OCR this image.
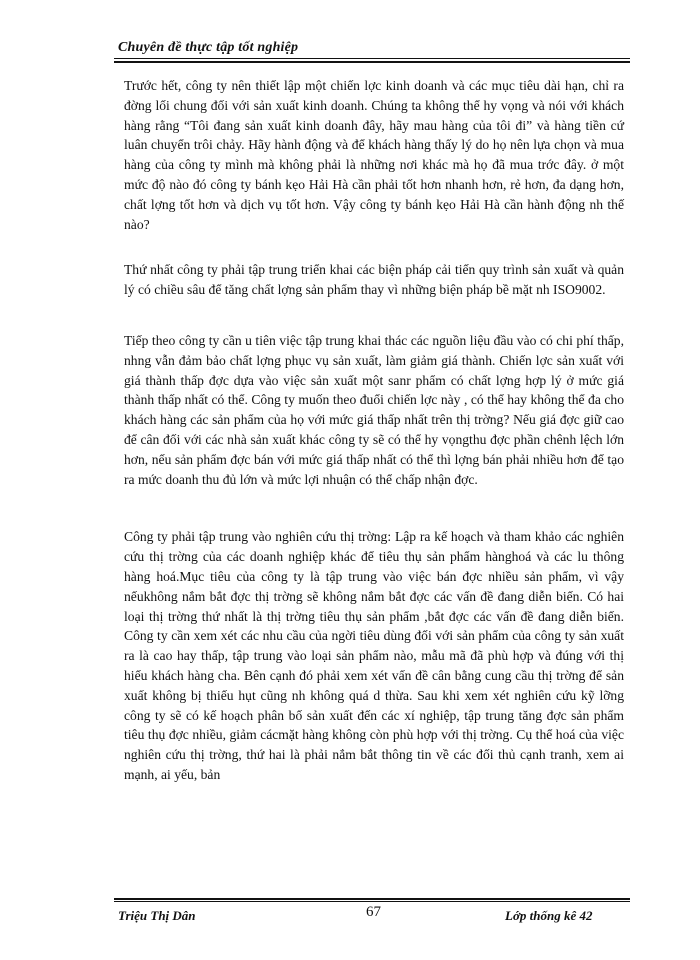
Chuyên đề thực tập tốt nghiệp

Trước hết, công ty nên thiết lập một chiến lợc kinh doanh và các mục tiêu dài hạn, chỉ ra đờng lối chung đối với sản xuất kinh doanh. Chúng ta không thể hy vọng và nói với khách hàng rằng “Tôi đang sản xuất kinh doanh đây, hãy mau hàng của tôi đi” và hàng tiền cứ luân chuyển trôi chảy. Hãy hành động và để khách hàng thấy lý do họ nên lựa chọn và mua hàng của công ty mình mà không phải là những nơi khác mà họ đã mua trớc đây. ở một mức độ nào đó công ty bánh kẹo Hải Hà cần phải tốt hơn nhanh hơn, rẻ hơn, đa dạng hơn, chất lợng tốt hơn và dịch vụ tốt hơn. Vậy công ty bánh kẹo Hải Hà cần hành động nh thế nào?

Thứ nhất công ty phải tập trung triển khai các biện pháp cải tiến quy trình sản xuất và quản lý có chiều sâu để tăng chất lợng sản phẩm thay vì những biện pháp bề mặt nh ISO9002.

Tiếp theo công ty cần u tiên việc tập trung khai thác các nguồn liệu đầu vào có chi phí thấp, nhng vẫn đảm bảo chất lợng phục vụ sản xuất, làm giảm giá thành. Chiến lợc sản xuất với giá thành thấp đợc dựa vào việc sản xuất một sanr phẩm có chất lợng hợp lý ở mức giá thành thấp nhất có thể. Công ty muốn theo đuổi chiến lợc này , có thể hay không thể đa cho khách hàng các sản phẩm của họ với mức giá thấp nhất trên thị trờng? Nếu giá đợc giữ cao để cân đối với các nhà sản xuất khác công ty sẽ có thể hy vọngthu đợc phần chênh lệch lớn hơn, nếu sản phẩm đợc bán với mức giá thấp nhất có thể thì lợng bán phải nhiều hơn để tạo ra mức doanh thu đủ lớn và mức lợi nhuận có thể chấp nhận đợc.

Công ty phải tập trung vào nghiên cứu thị trờng: Lập ra kế hoạch và tham khảo các nghiên cứu thị trờng của các doanh nghiệp khác để tiêu thụ sản phẩm hànghoá và các lu thông hàng hoá.Mục tiêu của công ty là tập trung vào việc bán đợc nhiều sản phẩm, vì vậy nếukhông nắm bắt đợc thị trờng sẽ không nắm bắt đợc các vấn đề đang diễn biến. Có hai loại thị trờng thứ nhất là thị trờng tiêu thụ sản phẩm ,bắt đợc các vấn đề đang diễn biến. Công ty cần xem xét các nhu cầu của ngời tiêu dùng đối với sản phẩm của công ty sản xuất ra là cao hay thấp, tập trung vào loại sản phẩm nào, mẫu mã đã phù hợp và đúng với thị hiếu khách hàng cha. Bên cạnh đó phải xem xét vấn đề cân bằng cung cầu thị trờng để sản xuất không bị thiếu hụt cũng nh không quá d thừa. Sau khi xem xét nghiên cứu kỹ lỡng công ty sẽ có kế hoạch phân bố sản xuất đến các xí nghiệp, tập trung tăng đợc sản phẩm tiêu thụ đợc nhiều, giảm cácmặt hàng không còn phù hợp với thị trờng. Cụ thể hoá của việc nghiên cứu thị trờng, thứ hai là phải nắm bắt thông tin về các đối thủ cạnh tranh, xem ai mạnh, ai yếu, bản

Triệu Thị Dân	67	Lớp thống kê 42
